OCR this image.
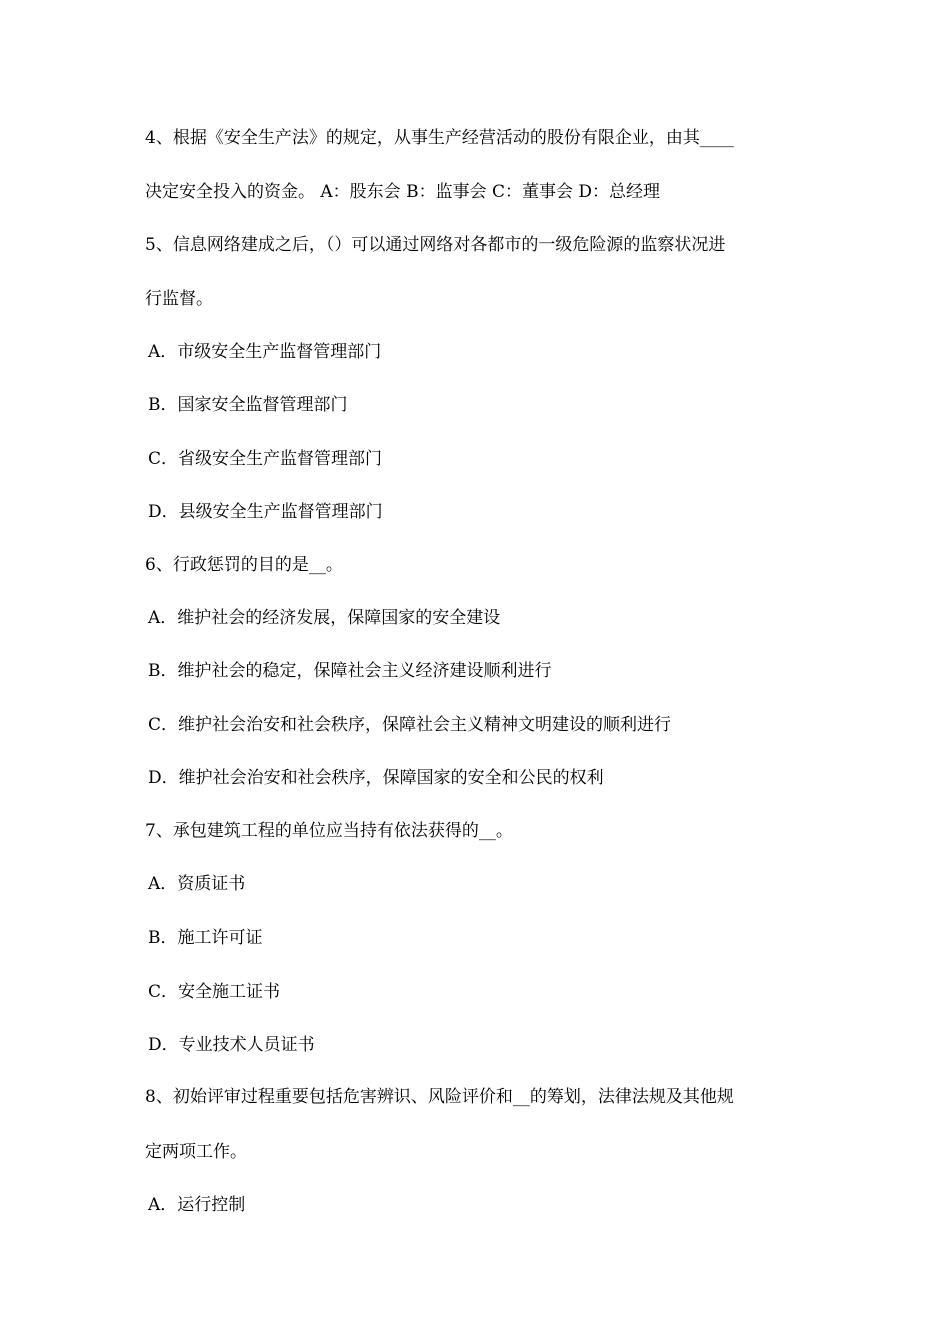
4、根据《安全生产法》的规定，从事生产经营活动的股份有限企业，由其____
决定安全投入的资金。 A：股东会 B：监事会 C：董事会 D：总经理
5、信息网络建成之后，（）可以通过网络对各都市的一级危险源的监察状况进
行监督。
A．市级安全生产监督管理部门
B．国家安全监督管理部门
C．省级安全生产监督管理部门
D．县级安全生产监督管理部门
6、行政惩罚的目的是__。
A．维护社会的经济发展，保障国家的安全建设
B．维护社会的稳定，保障社会主义经济建设顺利进行
C．维护社会治安和社会秩序，保障社会主义精神文明建设的顺利进行
D．维护社会治安和社会秩序，保障国家的安全和公民的权利
7、承包建筑工程的单位应当持有依法获得的__。
A．资质证书
B．施工许可证
C．安全施工证书
D．专业技术人员证书
8、初始评审过程重要包括危害辨识、风险评价和__的筹划，法律法规及其他规
定两项工作。
A．运行控制
